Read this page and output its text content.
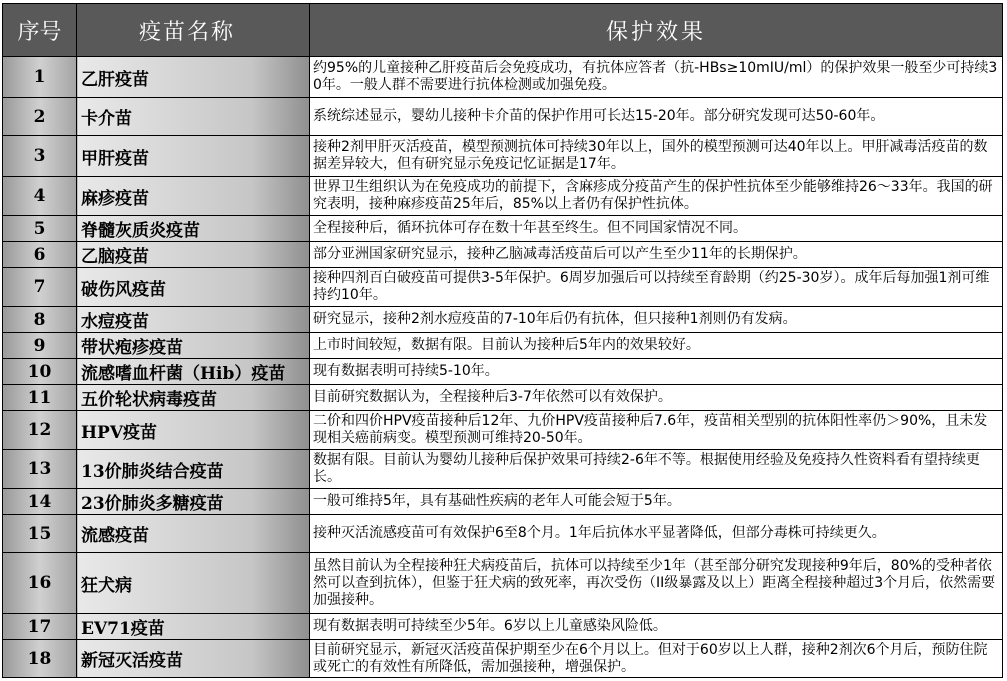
序号	疫苗名称	保护效果
1	乙肝疫苗	约95%的儿童接种乙肝疫苗后会免疫成功，有抗体应答者（抗-HBs≥10mIU/ml）的保护效果一般至少可持续30年。一般人群不需要进行抗体检测或加强免疫。
2	卡介苗	系统综述显示，婴幼儿接种卡介苗的保护作用可长达15-20年。部分研究发现可达50-60年。
3	甲肝疫苗	接种2剂甲肝灭活疫苗，模型预测抗体可持续30年以上，国外的模型预测可达40年以上。甲肝减毒活疫苗的数据差异较大，但有研究显示免疫记忆证据是17年。
4	麻疹疫苗	世界卫生组织认为在免疫成功的前提下，含麻疹成分疫苗产生的保护性抗体至少能够维持26～33年。我国的研究表明，接种麻疹疫苗25年后，85%以上者仍有保护性抗体。
5	脊髓灰质炎疫苗	全程接种后，循环抗体可存在数十年甚至终生。但不同国家情况不同。
6	乙脑疫苗	部分亚洲国家研究显示，接种乙脑减毒活疫苗后可以产生至少11年的长期保护。
7	破伤风疫苗	接种四剂百白破疫苗可提供3-5年保护。6周岁加强后可以持续至育龄期（约25-30岁）。成年后每加强1剂可维持约10年。
8	水痘疫苗	研究显示，接种2剂水痘疫苗的7-10年后仍有抗体，但只接种1剂则仍有发病。
9	带状疱疹疫苗	上市时间较短，数据有限。目前认为接种后5年内的效果较好。
10	流感嗜血杆菌（Hib）疫苗	现有数据表明可持续5-10年。
11	五价轮状病毒疫苗	目前研究数据认为，全程接种后3-7年依然可以有效保护。
12	HPV疫苗	二价和四价HPV疫苗接种后12年、九价HPV疫苗接种后7.6年，疫苗相关型别的抗体阳性率仍＞90%，且未发现相关癌前病变。模型预测可维持20-50年。
13	13价肺炎结合疫苗	数据有限。目前认为婴幼儿接种后保护效果可持续2-6年不等。根据使用经验及免疫持久性资料看有望持续更长。
14	23价肺炎多糖疫苗	一般可维持5年，具有基础性疾病的老年人可能会短于5年。
15	流感疫苗	接种灭活流感疫苗可有效保护6至8个月。1年后抗体水平显著降低，但部分毒株可持续更久。
16	狂犬病	虽然目前认为全程接种狂犬病疫苗后，抗体可以持续至少1年（甚至部分研究发现接种9年后，80%的受种者依然可以查到抗体），但鉴于狂犬病的致死率，再次受伤（II级暴露及以上）距离全程接种超过3个月后，依然需要加强接种。
17	EV71疫苗	现有数据表明可持续至少5年。6岁以上儿童感染风险低。
18	新冠灭活疫苗	目前研究显示，新冠灭活疫苗保护期至少在6个月以上。但对于60岁以上人群，接种2剂次6个月后，预防住院或死亡的有效性有所降低，需加强接种，增强保护。
